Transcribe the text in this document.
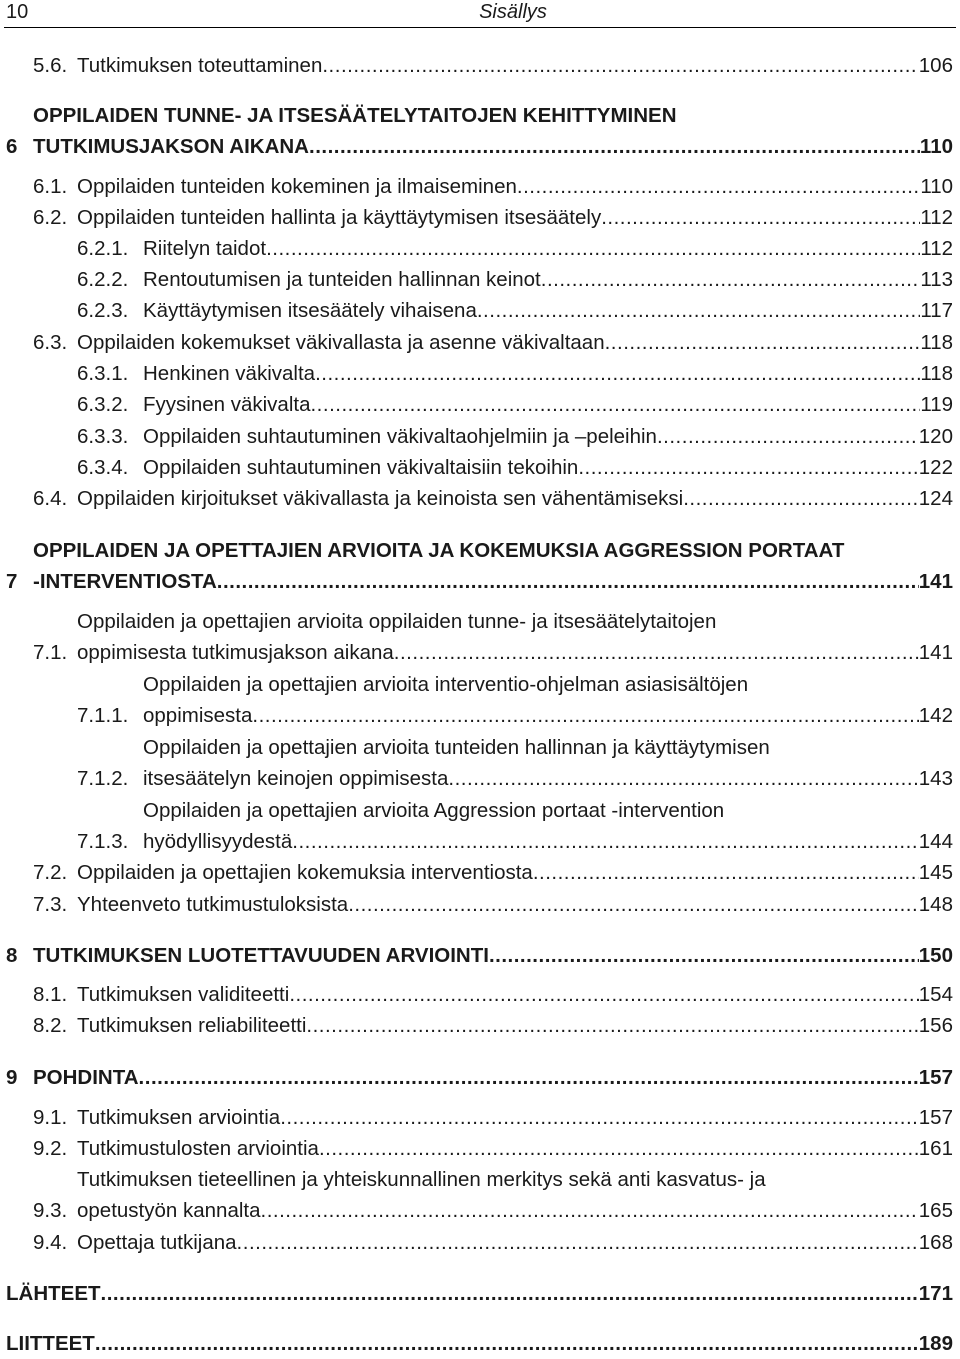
10	Sisällys
5.6. Tutkimuksen toteuttaminen .....	106
6
OPPILAIDEN TUNNE- JA ITSESÄÄTELYTAITOJEN KEHITTYMINEN
TUTKIMUSJAKSON AIKANA .....	110
6.1. Oppilaiden tunteiden kokeminen ja ilmaiseminen .....	110
6.2. Oppilaiden tunteiden hallinta ja käyttäytymisen itsesäätely .....	112
6.2.1. Riitelyn taidot .....	112
6.2.2. Rentoutumisen ja tunteiden hallinnan keinot .....	113
6.2.3. Käyttäytymisen itsesäätely vihaisena .....	117
6.3. Oppilaiden kokemukset väkivallasta ja asenne väkivaltaan .....	118
6.3.1. Henkinen väkivalta .....	118
6.3.2. Fyysinen väkivalta .....	119
6.3.3. Oppilaiden suhtautuminen väkivaltaohjelmiin ja –peleihin .....	120
6.3.4. Oppilaiden suhtautuminen väkivaltaisiin tekoihin .....	122
6.4. Oppilaiden kirjoitukset väkivallasta ja keinoista sen vähentämiseksi .....	124
7
OPPILAIDEN JA OPETTAJIEN ARVIOITA JA KOKEMUKSIA AGGRESSION PORTAAT
-INTERVENTIOSTA .....	141
7.1.
Oppilaiden ja opettajien arvioita oppilaiden tunne- ja itsesäätelytaitojen
oppimisesta tutkimusjakson aikana .....	141
7.1.1.
Oppilaiden ja opettajien arvioita interventio-ohjelman asiasisältöjen
oppimisesta .....	142
7.1.2.
Oppilaiden ja opettajien arvioita tunteiden hallinnan ja käyttäytymisen
itsesäätelyn keinojen oppimisesta .....	143
7.1.3.
Oppilaiden ja opettajien arvioita Aggression portaat -intervention
hyödyllisyydestä .....	144
7.2. Oppilaiden ja opettajien kokemuksia interventiosta .....	145
7.3. Yhteenveto tutkimustuloksista .....	148
8 TUTKIMUKSEN LUOTETTAVUUDEN ARVIOINTI .....	150
8.1. Tutkimuksen validiteetti .....	154
8.2. Tutkimuksen reliabiliteetti .....	156
9 POHDINTA .....	157
9.1. Tutkimuksen arviointia .....	157
9.2. Tutkimustulosten arviointia .....	161
9.3.
Tutkimuksen tieteellinen ja yhteiskunnallinen merkitys sekä anti kasvatus- ja
opetustyön kannalta .....	165
9.4. Opettaja tutkijana .....	168
LÄHTEET .....	171
LIITTEET .....	189
